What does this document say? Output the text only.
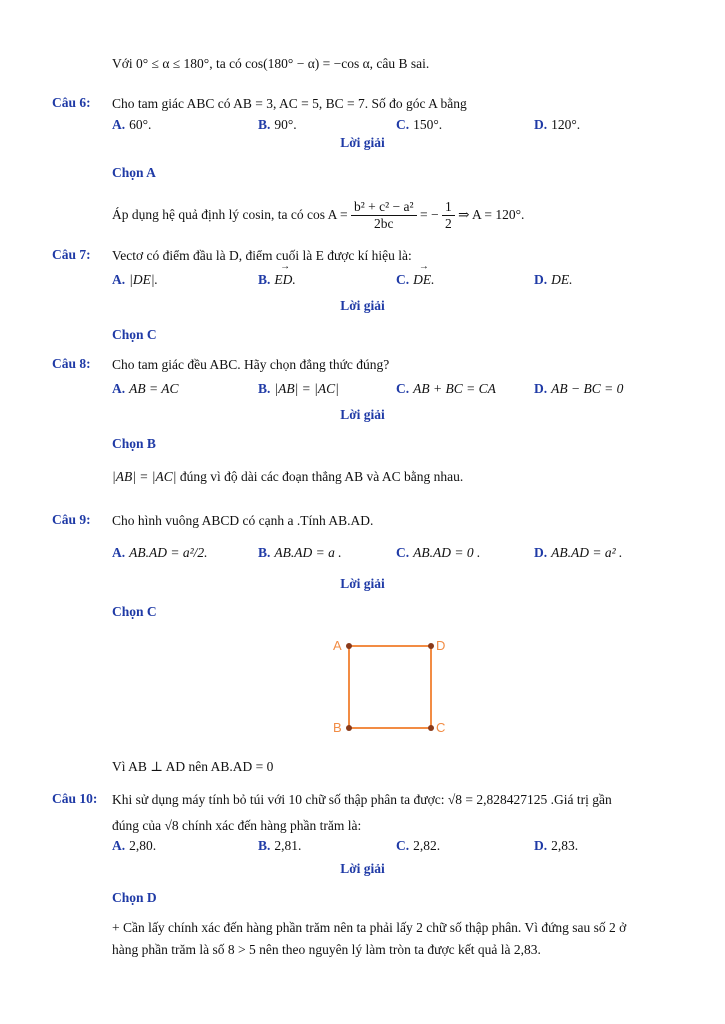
Với 0° ≤ α ≤ 180°, ta có cos(180° − α) = −cos α, câu B sai.
Câu 6: Cho tam giác ABC có AB = 3, AC = 5, BC = 7. Số đo góc A bằng
A. 60°.	B. 90°.	C. 150°.	D. 120°.
Lời giải
Chọn A
Áp dụng hệ quả định lý cosin, ta có $\cos A = \frac{\text{b² + c² − a²}}{2bc}$ = − $\frac{1}{2}$ ⇒ A = 120°.
Câu 7: Vectơ có điểm đầu là D, điểm cuối là E được kí hiệu là:
A. |DE|.	B. → ED.	C. → DE.	D. DE.
Lời giải
Chọn C
Câu 8: Cho tam giác đều ABC. Hãy chọn đẳng thức đúng?
A. AB = AC	B. |AB| = |AC|	C. AB + BC = CA	D. AB − BC = 0
Lời giải
Chọn B
|AB| = |AC| đúng vì độ dài các đoạn thẳng AB và AC bằng nhau.
Câu 9: Cho hình vuông ABCD có cạnh a .Tính AB.AD.
A. AB.AD = a²/2.	B. AB.AD = a .	C. AB.AD = 0 .	D. AB.AD = a² .
Lời giải
Chọn C
A	D
B	C
Vì AB ⊥ AD nên AB.AD = 0
Câu 10: Khi sử dụng máy tính bỏ túi với 10 chữ số thập phân ta được: √8 = 2,828427125 .Giá trị gần
đúng của √8 chính xác đến hàng phần trăm là:
A. 2,80.	B. 2,81.	C. 2,82.	D. 2,83.
Lời giải
Chọn D
+ Cần lấy chính xác đến hàng phần trăm nên ta phải lấy 2 chữ số thập phân. Vì đứng sau số 2 ở
hàng phần trăm là số 8 > 5 nên theo nguyên lý làm tròn ta được kết quả là 2,83.
